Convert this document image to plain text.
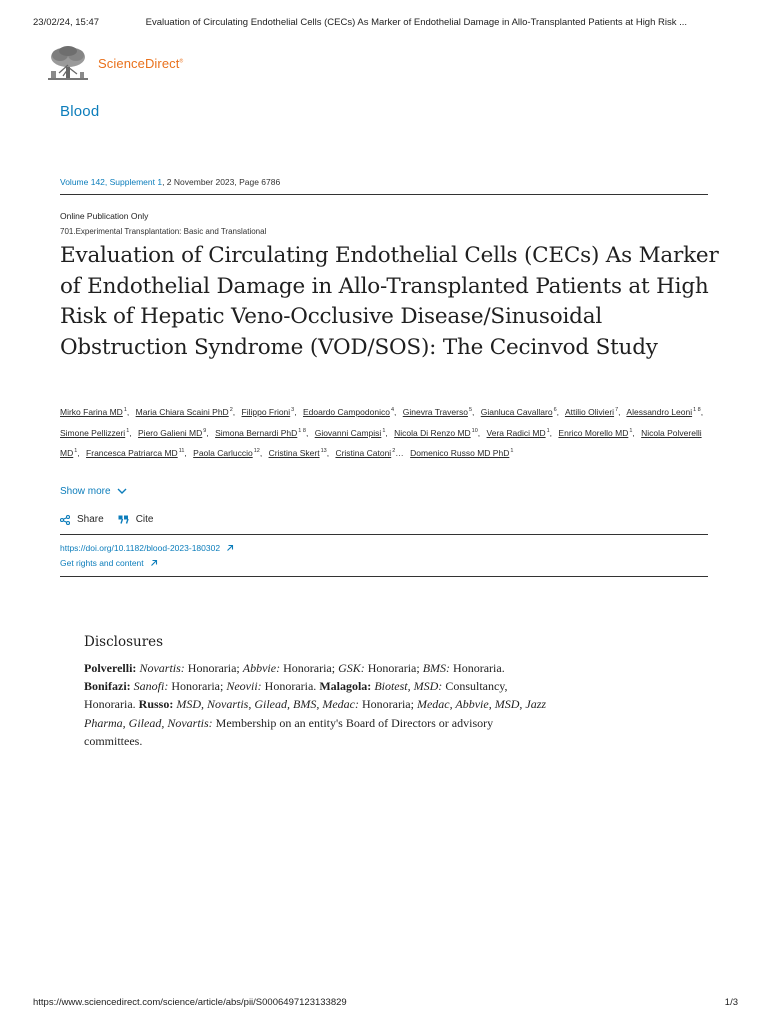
23/02/24, 15:47	Evaluation of Circulating Endothelial Cells (CECs) As Marker of Endothelial Damage in Allo-Transplanted Patients at High Risk ...
ScienceDirect®
Blood
Volume 142, Supplement 1, 2 November 2023, Page 6786
Online Publication Only
701.Experimental Transplantation: Basic and Translational
Evaluation of Circulating Endothelial Cells (CECs) As Marker of Endothelial Damage in Allo-Transplanted Patients at High Risk of Hepatic Veno-Occlusive Disease/Sinusoidal Obstruction Syndrome (VOD/SOS): The Cecinvod Study
Mirko Farina $MD^1$, Maria Chiara Scaini PhD$^2$, Filippo Frioni$^3$, Edoardo Campodonico$^4$, Ginevra Traverso$^5$, Gianluca Cavallaro$^6$, Attilio Olivieri$^7$, Alessandro Leoni$^{1 8}$, Simone Pellizzeri$^1$, Piero Galieni $MD^9$, Simona Bernardi PhD$^{1 8}$, Giovanni Campisi$^1$, Nicola Di Renzo MD$^{10}$, Vera Radici $MD^1$, Enrico Morello $MD^1$, Nicola Polverelli $MD^1$, Francesca Patriarca MD$^{11}$, Paola Carluccio$^{12}$, Cristina Skert$^{13}$, Cristina Catoni$^2$… Domenico Russo MD PhD$^1$
Show more
Share	Cite
https://doi.org/10.1182/blood-2023-180302
Get rights and content
Disclosures
Polverelli: Novartis: Honoraria; Abbvie: Honoraria; GSK: Honoraria; BMS: Honoraria. Bonifazi: Sanofi: Honoraria; Neovii: Honoraria. Malagola: Biotest, MSD: Consultancy, Honoraria. Russo: MSD, Novartis, Gilead, BMS, Medac: Honoraria; Medac, Abbvie, MSD, Jazz Pharma, Gilead, Novartis: Membership on an entity's Board of Directors or advisory committees.
https://www.sciencedirect.com/science/article/abs/pii/S0006497123133829	1/3
